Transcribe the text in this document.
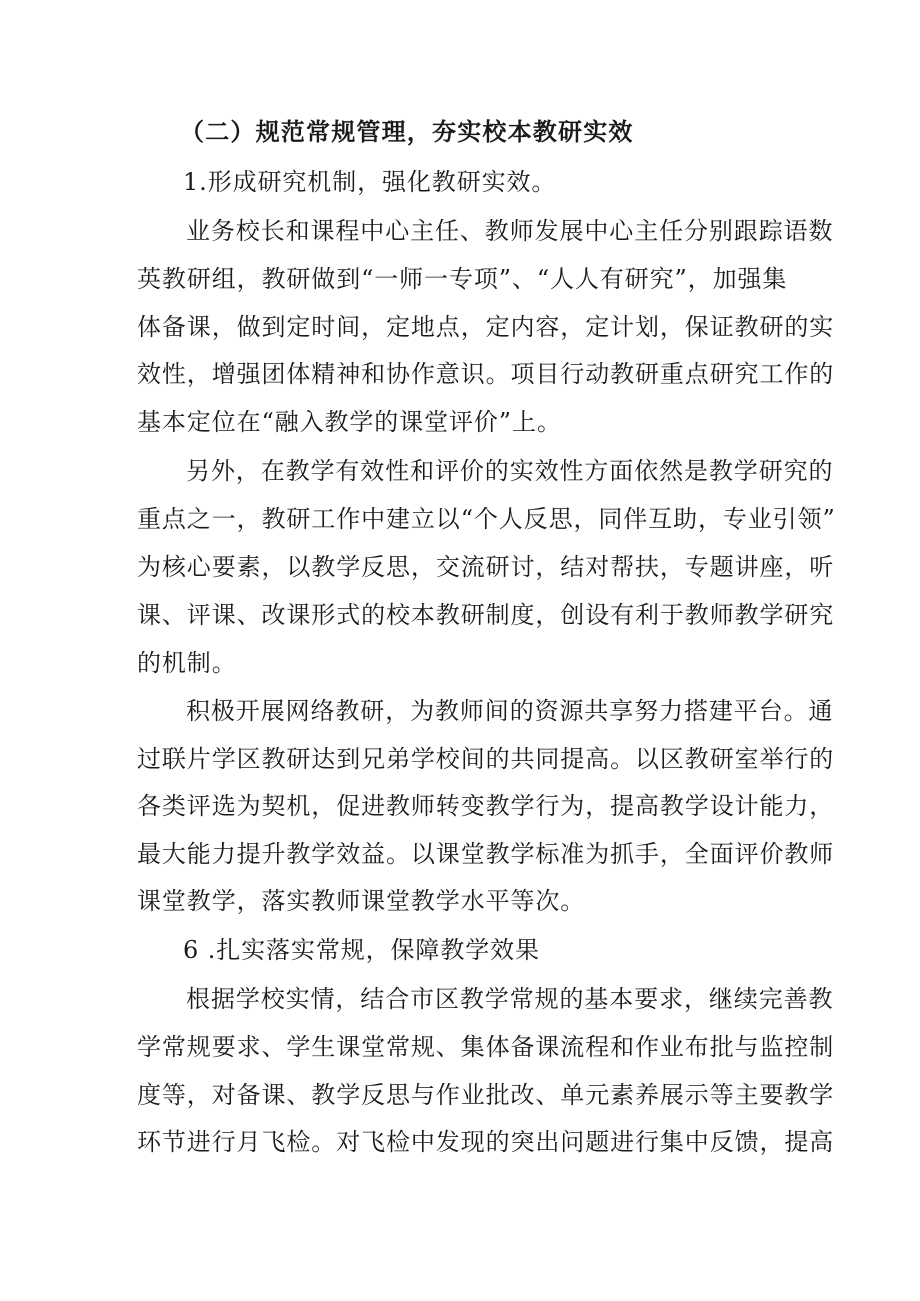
（二）规范常规管理，夯实校本教研实效
1.形成研究机制，强化教研实效。
业务校长和课程中心主任、教师发展中心主任分别跟踪语数
英教研组，教研做到“一师一专项”、“人人有研究”，加强集
体备课，做到定时间，定地点，定内容，定计划，保证教研的实
效性，增强团体精神和协作意识。项目行动教研重点研究工作的
基本定位在“融入教学的课堂评价”上。
另外，在教学有效性和评价的实效性方面依然是教学研究的
重点之一，教研工作中建立以“个人反思，同伴互助，专业引领”
为核心要素，以教学反思，交流研讨，结对帮扶，专题讲座，听
课、评课、改课形式的校本教研制度，创设有利于教师教学研究
的机制。
积极开展网络教研，为教师间的资源共享努力搭建平台。通
过联片学区教研达到兄弟学校间的共同提高。以区教研室举行的
各类评选为契机，促进教师转变教学行为，提高教学设计能力，
最大能力提升教学效益。以课堂教学标准为抓手，全面评价教师
课堂教学，落实教师课堂教学水平等次。
6 .扎实落实常规，保障教学效果
根据学校实情，结合市区教学常规的基本要求，继续完善教
学常规要求、学生课堂常规、集体备课流程和作业布批与监控制
度等，对备课、教学反思与作业批改、单元素养展示等主要教学
环节进行月飞检。对飞检中发现的突出问题进行集中反馈，提高
